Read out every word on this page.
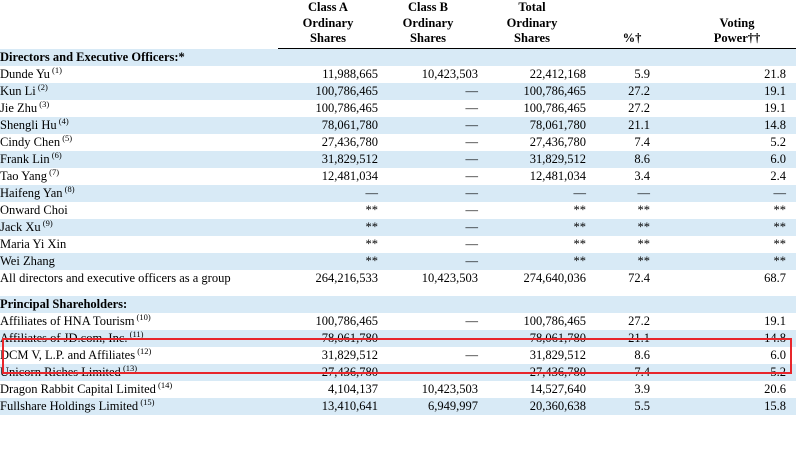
	Class A
Ordinary
Shares	Class B
Ordinary
Shares	Total
Ordinary
Shares	%†	Voting
Power††

Directors and Executive Officers:*					
Dunde Yu $^{(1)}$	11,988,665	10,423,503	22,412,168	5.9	21.8
Kun Li $^{(2)}$	100,786,465	—	100,786,465	27.2	19.1
Jie Zhu $^{(3)}$	100,786,465	—	100,786,465	27.2	19.1
Shengli Hu $^{(4)}$	78,061,780	—	78,061,780	21.1	14.8
Cindy Chen $^{(5)}$	27,436,780	—	27,436,780	7.4	5.2
Frank Lin $^{(6)}$	31,829,512	—	31,829,512	8.6	6.0
Tao Yang $^{(7)}$	12,481,034	—	12,481,034	3.4	2.4
Haifeng Yan $^{(8)}$	—	—	—	—	—
Onward Choi	**	—	**	**	**
Jack Xu $^{(9)}$	**	—	**	**	**
Maria Yi Xin	**	—	**	**	**
Wei Zhang	**	—	**	**	**
All directors and executive officers as a group	264,216,533	10,423,503	274,640,036	72.4	68.7

Principal Shareholders:					
Affiliates of HNA Tourism $^{(10)}$	100,786,465	—	100,786,465	27.2	19.1
Affiliates of JD.com, Inc. $^{(11)}$	78,061,780	—	78,061,780	21.1	14.8
DCM V, L.P. and Affiliates $^{(12)}$	31,829,512	—	31,829,512	8.6	6.0
Unicorn Riches Limited $^{(13)}$	27,436,780	—	27,436,780	7.4	5.2
Dragon Rabbit Capital Limited $^{(14)}$	4,104,137	10,423,503	14,527,640	3.9	20.6
Fullshare Holdings Limited $^{(15)}$	13,410,641	6,949,997	20,360,638	5.5	15.8
